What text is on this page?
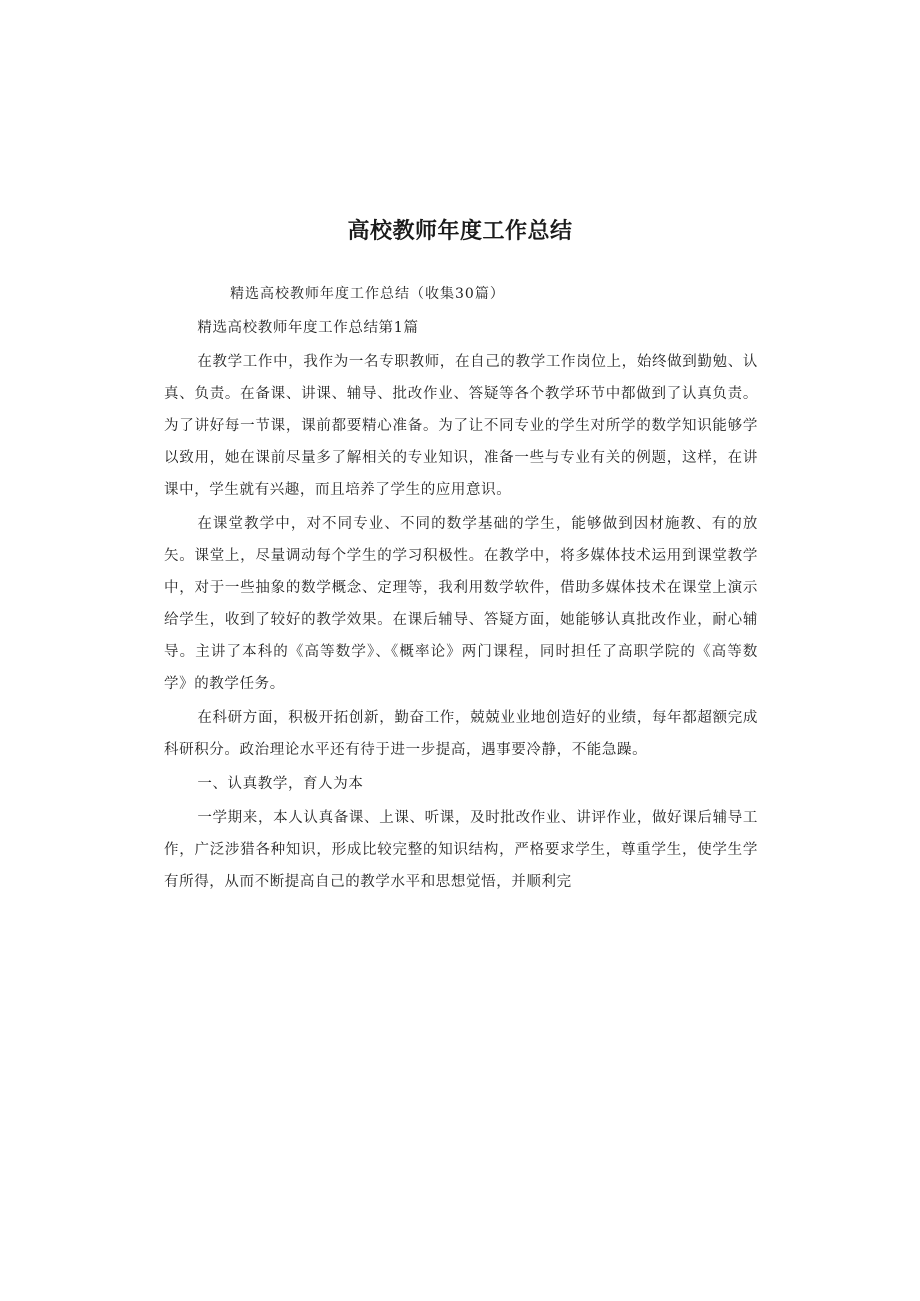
高校教师年度工作总结
精选高校教师年度工作总结（收集30篇）

精选高校教师年度工作总结第1篇

在教学工作中，我作为一名专职教师，在自己的教学工作岗位上，始终做到勤勉、认真、负责。在备课、讲课、辅导、批改作业、答疑等各个教学环节中都做到了认真负责。为了讲好每一节课，课前都要精心准备。为了让不同专业的学生对所学的数学知识能够学以致用，她在课前尽量多了解相关的专业知识，准备一些与专业有关的例题，这样，在讲课中，学生就有兴趣，而且培养了学生的应用意识。

在课堂教学中，对不同专业、不同的数学基础的学生，能够做到因材施教、有的放矢。课堂上，尽量调动每个学生的学习积极性。在教学中，将多媒体技术运用到课堂教学中，对于一些抽象的数学概念、定理等，我利用数学软件，借助多媒体技术在课堂上演示给学生，收到了较好的教学效果。在课后辅导、答疑方面，她能够认真批改作业，耐心辅导。主讲了本科的《高等数学》、《概率论》两门课程，同时担任了高职学院的《高等数学》的教学任务。

在科研方面，积极开拓创新，勤奋工作，兢兢业业地创造好的业绩，每年都超额完成科研积分。政治理论水平还有待于进一步提高，遇事要冷静，不能急躁。

一、认真教学，育人为本

一学期来，本人认真备课、上课、听课，及时批改作业、讲评作业，做好课后辅导工作，广泛涉猎各种知识，形成比较完整的知识结构，严格要求学生，尊重学生，使学生学有所得，从而不断提高自己的教学水平和思想觉悟，并顺利完
